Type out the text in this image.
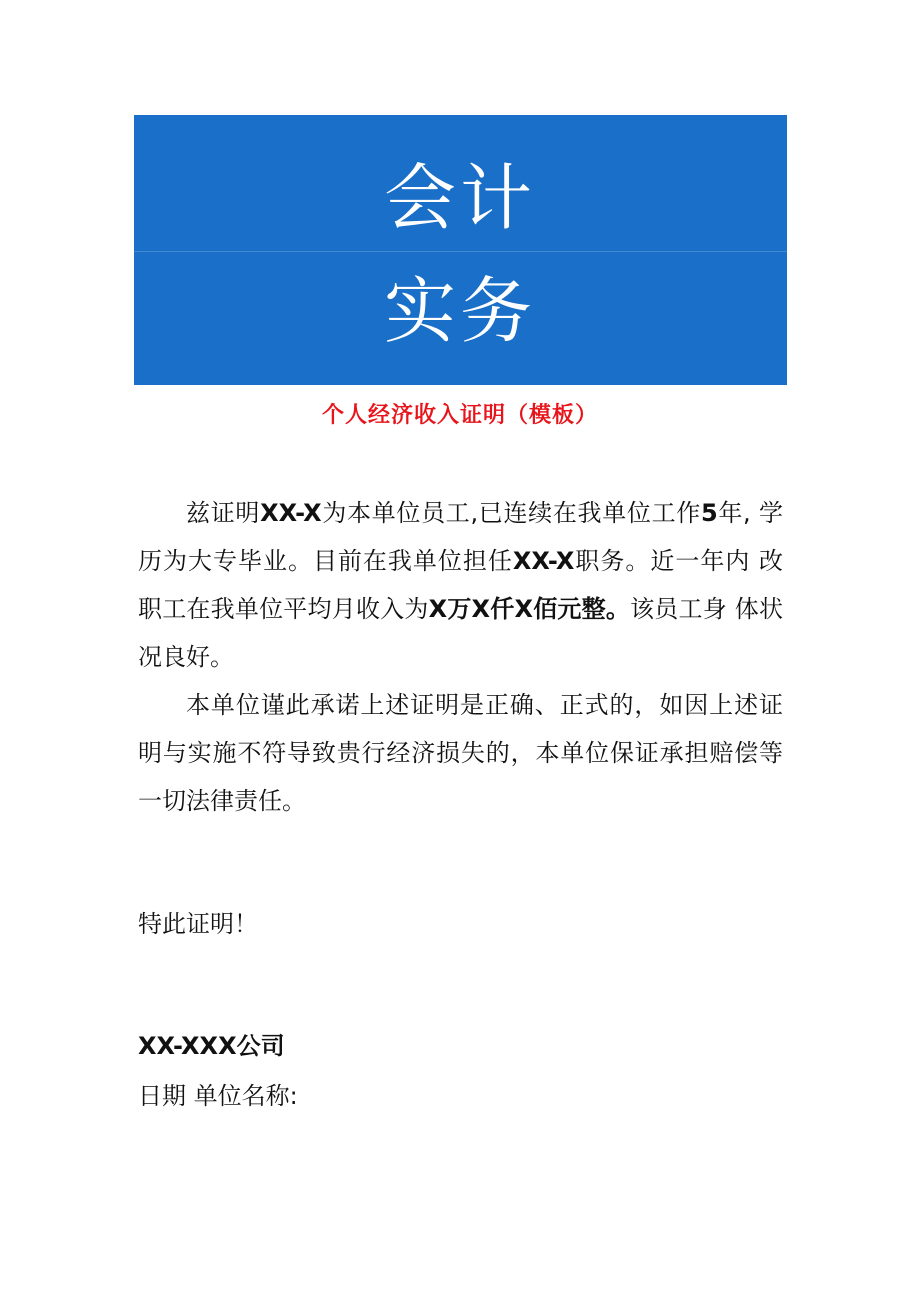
会计
实务
个人经济收入证明（模板）
兹证明XX-X为本单位员工,已连续在我单位工作5年, 学历为大专毕业。目前在我单位担任XX-X职务。近一年内 改职工在我单位平均月收入为X万X仟X佰元整。该员工身 体状况良好。
本单位谨此承诺上述证明是正确、正式的，如因上述证明与实施不符导致贵行经济损失的，本单位保证承担赔偿等一切法律责任。
特此证明！
XX-XXX公司
日期 单位名称:
